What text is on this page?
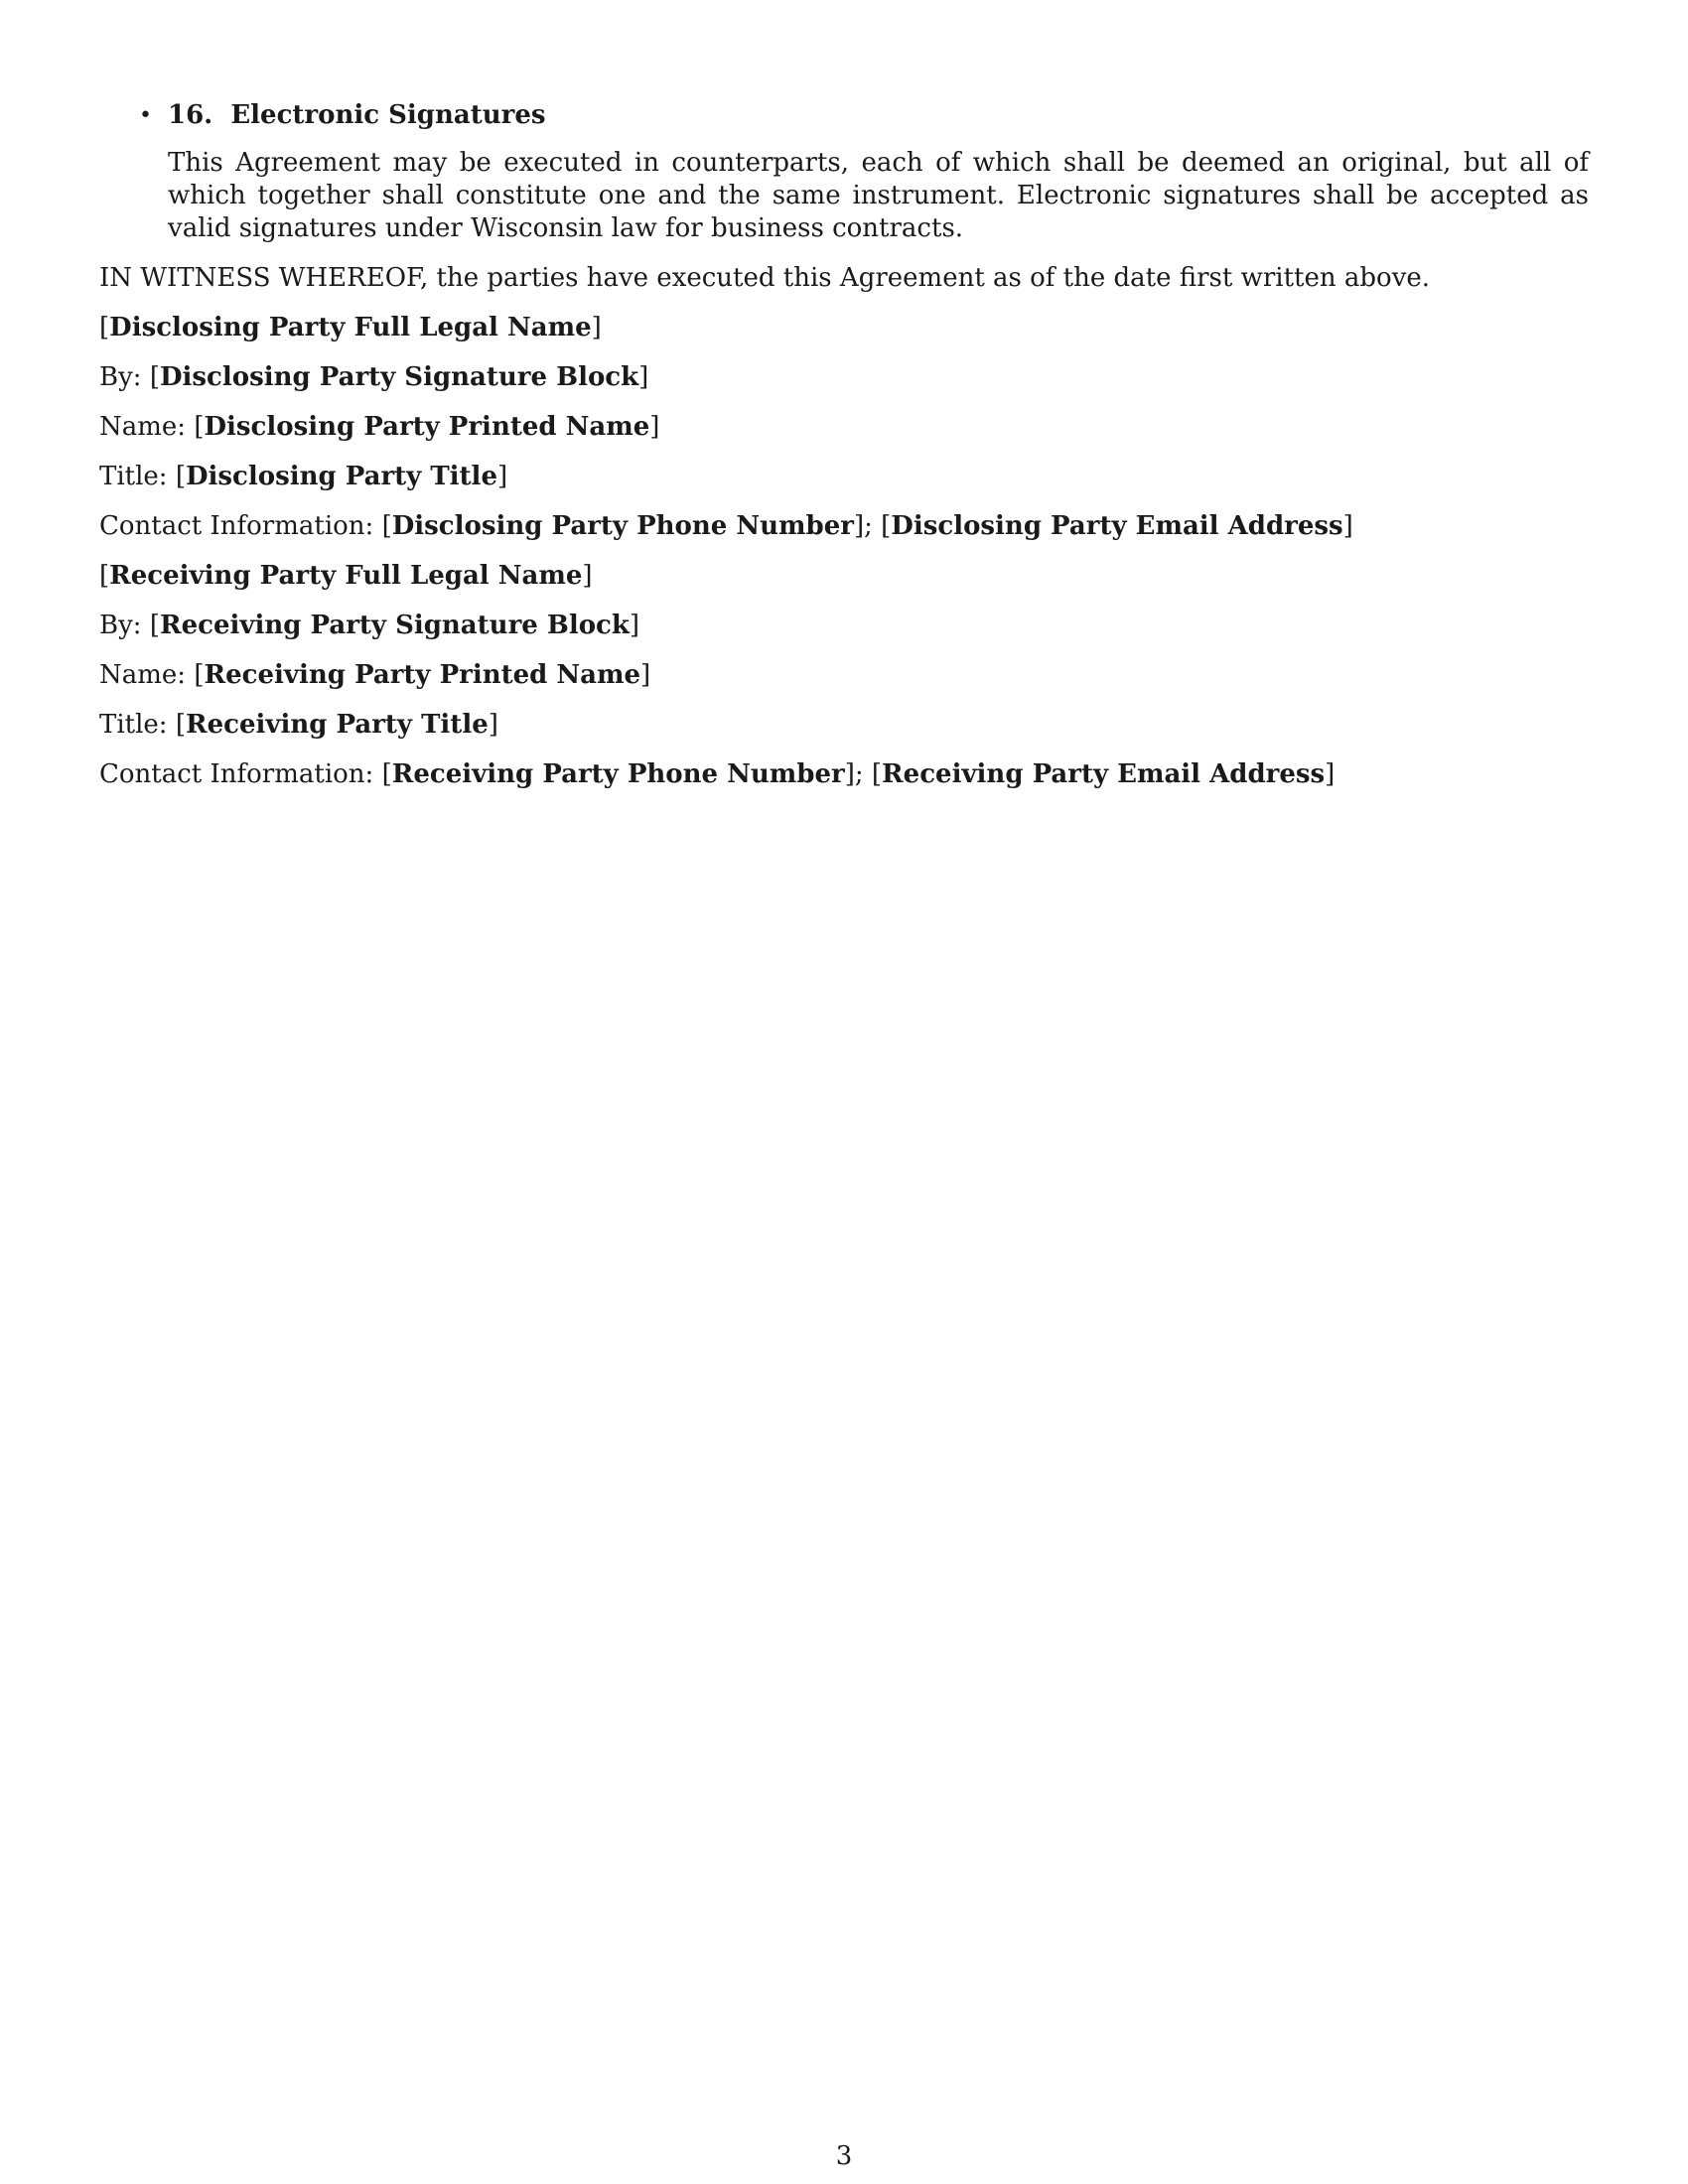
• 16. Electronic Signatures

This Agreement may be executed in counterparts, each of which shall be deemed an original, but all of which together shall constitute one and the same instrument. Electronic signatures shall be accepted as valid signatures under Wisconsin law for business contracts.

IN WITNESS WHEREOF, the parties have executed this Agreement as of the date first written above.

[Disclosing Party Full Legal Name]

By: [Disclosing Party Signature Block]

Name: [Disclosing Party Printed Name]

Title: [Disclosing Party Title]

Contact Information: [Disclosing Party Phone Number]; [Disclosing Party Email Address]

[Receiving Party Full Legal Name]

By: [Receiving Party Signature Block]

Name: [Receiving Party Printed Name]

Title: [Receiving Party Title]

Contact Information: [Receiving Party Phone Number]; [Receiving Party Email Address]

3
